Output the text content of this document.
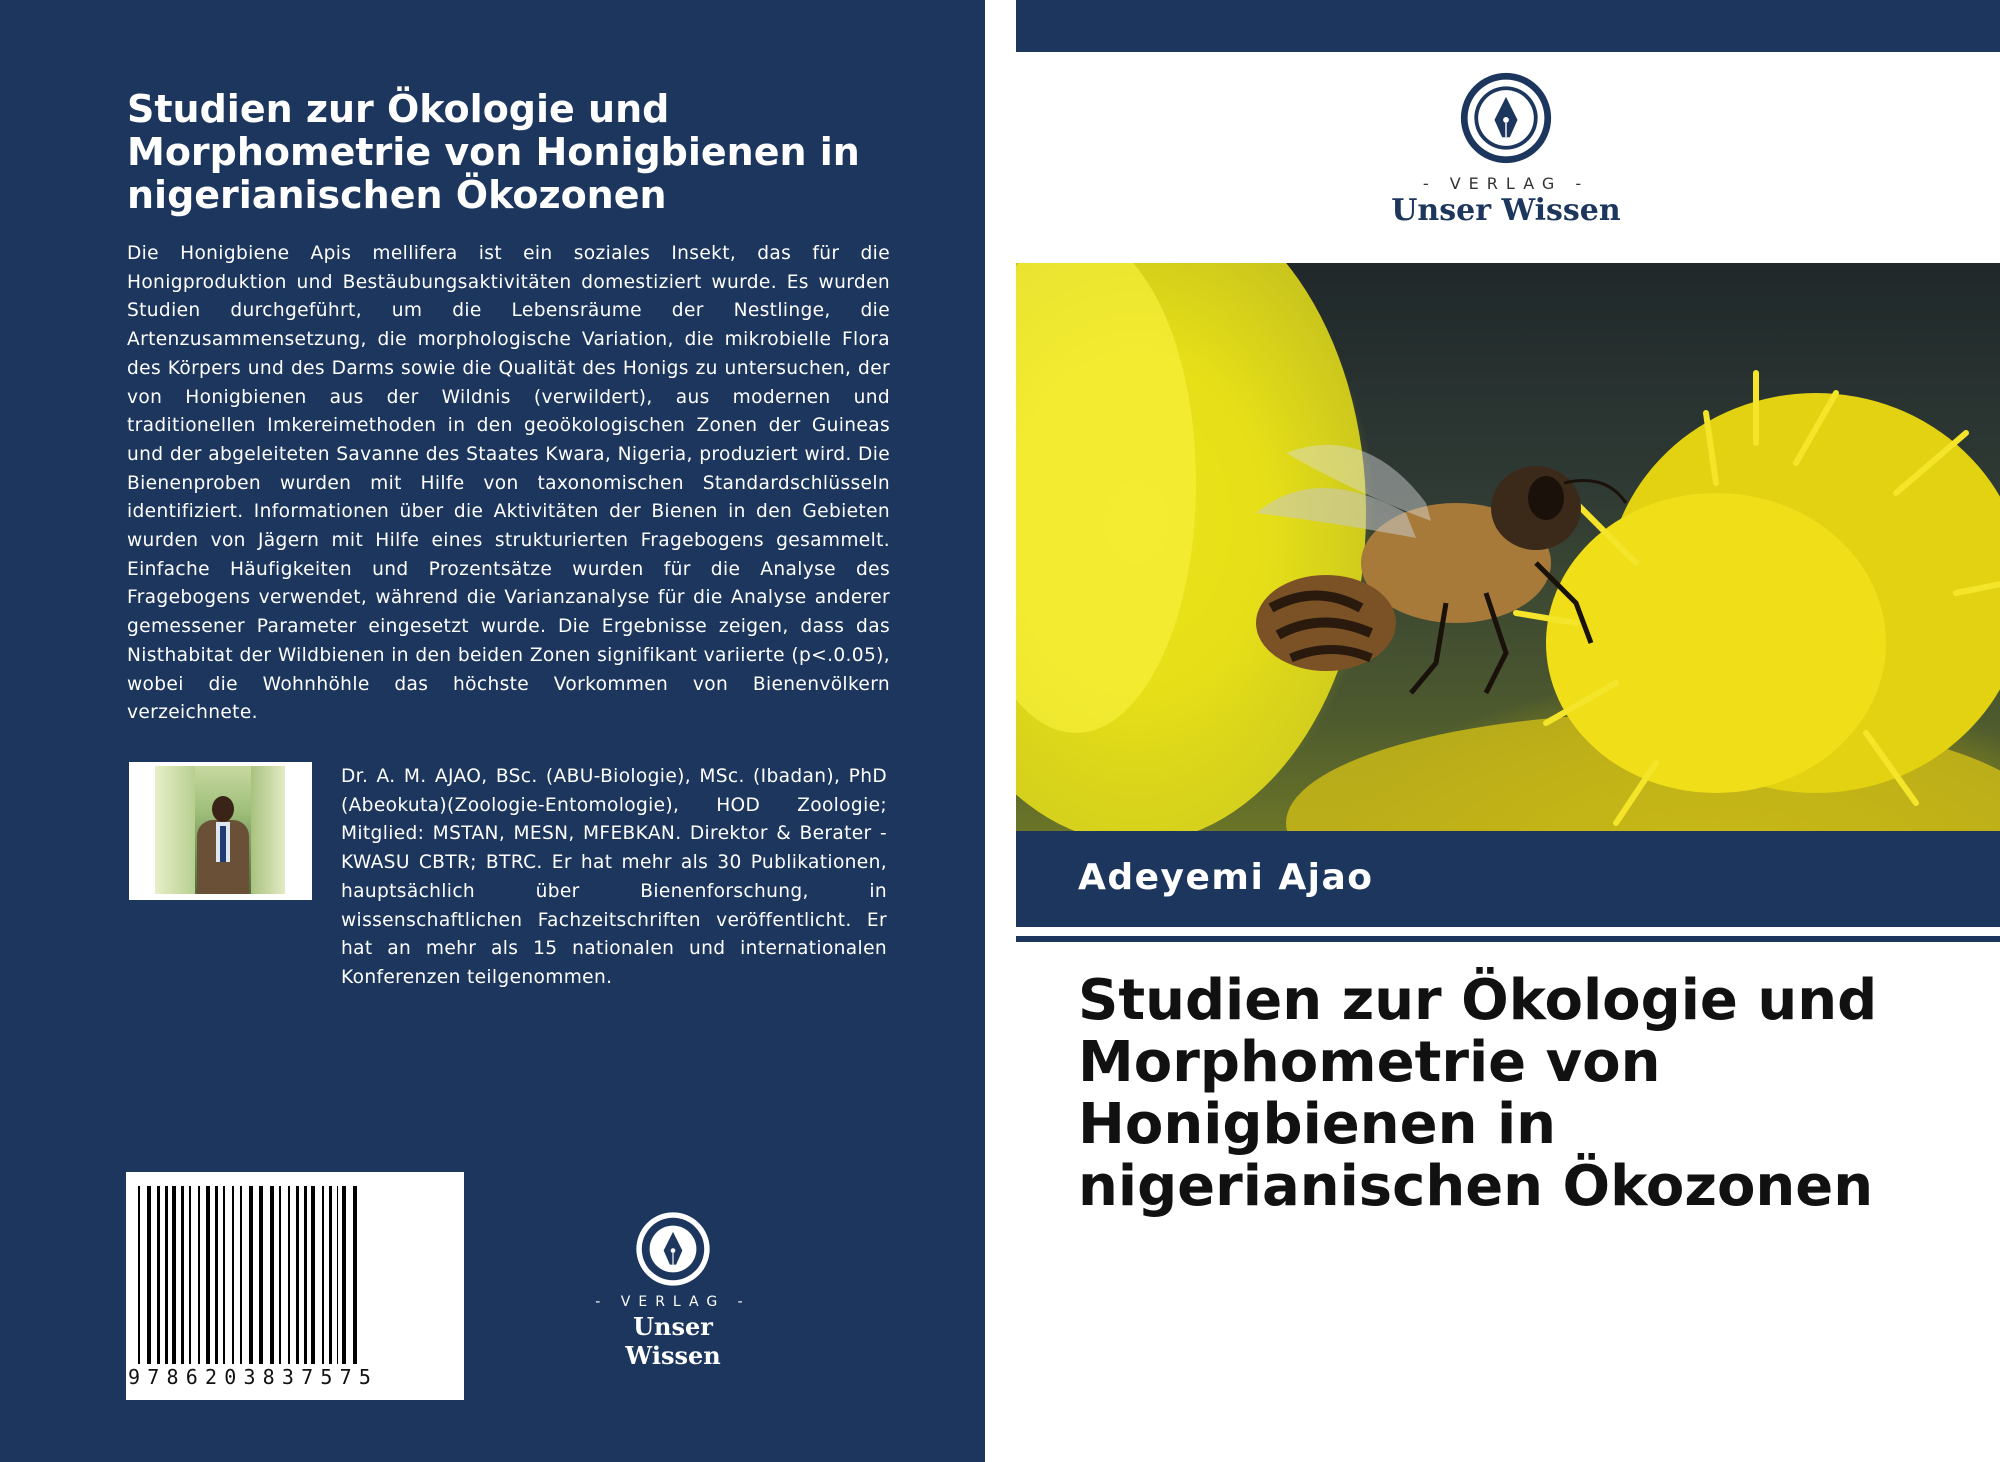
Studien zur Ökologie und Morphometrie von Honigbienen in nigerianischen Ökozonen

Die Honigbiene Apis mellifera ist ein soziales Insekt, das für die Honigproduktion und Bestäubungsaktivitäten domestiziert wurde. Es wurden Studien durchgeführt, um die Lebensräume der Nestlinge, die Artenzusammensetzung, die morphologische Variation, die mikrobielle Flora des Körpers und des Darms sowie die Qualität des Honigs zu untersuchen, der von Honigbienen aus der Wildnis (verwildert), aus modernen und traditionellen Imkereimethoden in den geoökologischen Zonen der Guineas und der abgeleiteten Savanne des Staates Kwara, Nigeria, produziert wird. Die Bienenproben wurden mit Hilfe von taxonomischen Standardschlüsseln identifiziert. Informationen über die Aktivitäten der Bienen in den Gebieten wurden von Jägern mit Hilfe eines strukturierten Fragebogens gesammelt. Einfache Häufigkeiten und Prozentsätze wurden für die Analyse des Fragebogens verwendet, während die Varianzanalyse für die Analyse anderer gemessener Parameter eingesetzt wurde. Die Ergebnisse zeigen, dass das Nisthabitat der Wildbienen in den beiden Zonen signifikant variierte (p<.0.05), wobei die Wohnhöhle das höchste Vorkommen von Bienenvölkern verzeichnete.

Dr. A. M. AJAO, BSc. (ABU-Biologie), MSc. (Ibadan), PhD (Abeokuta)(Zoologie-Entomologie), HOD Zoologie; Mitglied: MSTAN, MESN, MFEBKAN. Direktor & Berater - KWASU CBTR; BTRC. Er hat mehr als 30 Publikationen, hauptsächlich über Bienenforschung, in wissenschaftlichen Fachzeitschriften veröffentlicht. Er hat an mehr als 15 nationalen und internationalen Konferenzen teilgenommen.

9786203837575
- VERLAG -
Unser Wissen
- VERLAG -
Unser Wissen
Adeyemi Ajao
Studien zur Ökologie und Morphometrie von Honigbienen in nigerianischen Ökozonen
